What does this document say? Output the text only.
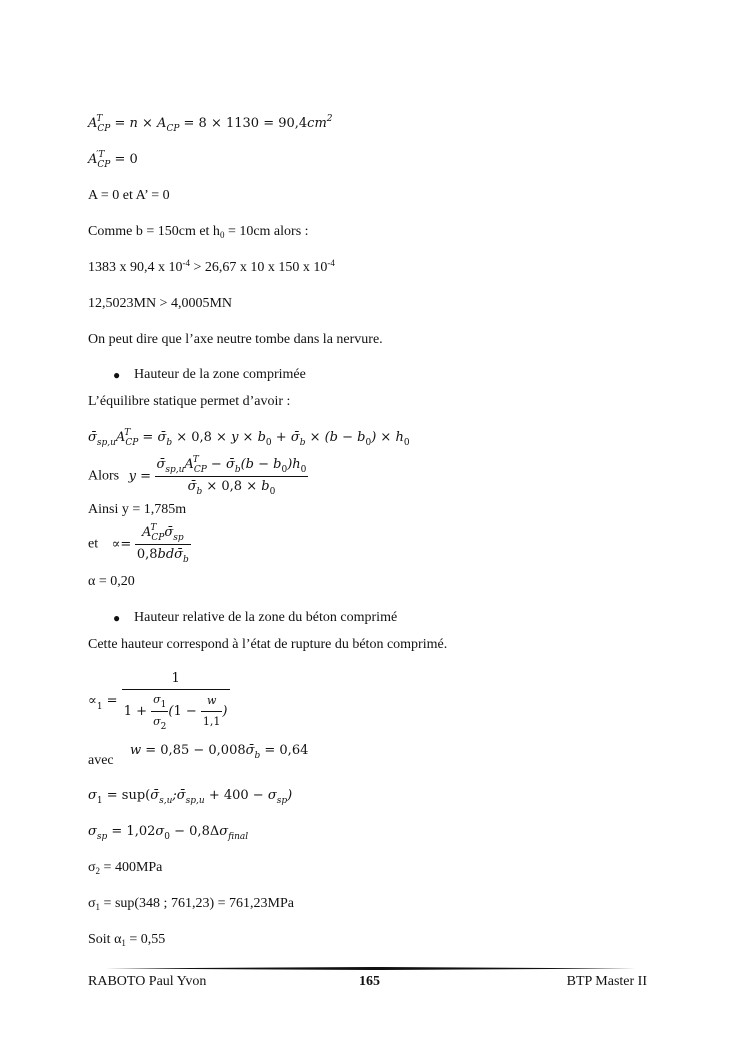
$A_{CP}^T = n \times A_{CP} = 8 \times 1130 = 90,4cm^2$
$A_{CP}^{'T} = 0$
A = 0 et A’ = 0
Comme b = 150cm et $h_0 = 10cm$ alors :
1383 x 90,4 x $10^{-4} > 26,67$ x 10 x 150 x $10^{-4}$
12,5023MN > 4,0005MN
On peut dire que l’axe neutre tombe dans la nervure.
● Hauteur de la zone comprimée
L’équilibre statique permet d’avoir :
$\sigmā_{sp,u}A_{CP}^T$ = $\sigmā_b \times 0,8 \times y \times b_0$ + $\sigmā_b \times (b - b_0) \times h_0$
Alors $y = \frac{\sigmā_{sp,u}A_{CP}^T - \sigmā_b(b - b_0)h_0}{\sigmā_b \times 0,8 \times b_0}$
Ainsi y = 1,785m
et ∝= $\frac{A_{CP}^T \sigmā_{sp}}{0,8bd\sigmā_b}$
α = 0,20
● Hauteur relative de la zone du béton comprimé
Cette hauteur correspond à l’état de rupture du béton comprimé.
$\propto_1 = \frac{1}{1 + \frac{\sigma_1}{\sigma_2} (1 - \frac{w}{1,1} )}$
avec
$w = 0,85 - 0,008\sigmā_b = 0,64$
$\sigma_1$ = $sup(\sigmā_{s,u};\sigmā_{sp,u} + 400 - \sigma_{sp})$
$\sigma_{sp} = 1,02\sigma_0 - 0,8\Delta\sigma_{final}$
$\sigma_2 = 400MPa$
$\sigma_1 = sup(348$ ; 761,23) = 761,23MPa
Soit $\alpha_1 = 0,55$
RABOTO Paul Yvon	165	BTP Master II
